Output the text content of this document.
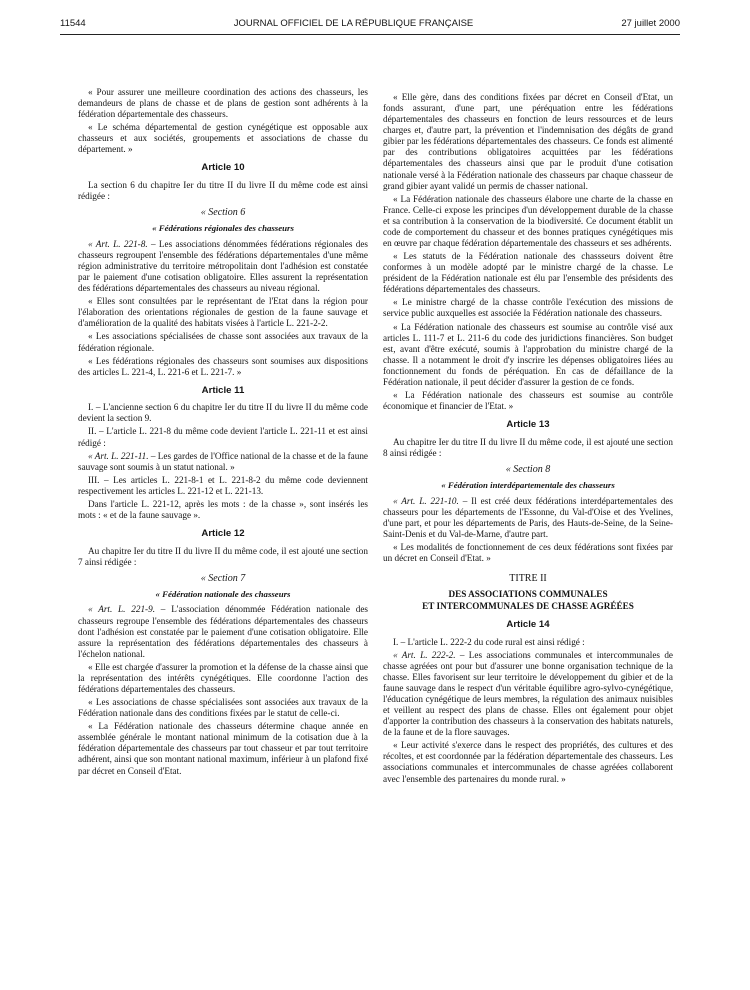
11544	JOURNAL OFFICIEL DE LA RÉPUBLIQUE FRANÇAISE	27 juillet 2000

« Pour assurer une meilleure coordination des actions des chasseurs, les demandeurs de plans de chasse et de plans de gestion sont adhérents à la fédération départementale des chasseurs.

« Le schéma départemental de gestion cynégétique est opposable aux chasseurs et aux sociétés, groupements et associations de chasse du département. »

Article 10

La section 6 du chapitre Ier du titre II du livre II du même code est ainsi rédigée :

« Section 6
« Fédérations régionales des chasseurs

« Art. L. 221-8. – Les associations dénommées fédérations régionales des chasseurs regroupent l'ensemble des fédérations départementales d'une même région administrative du territoire métropolitain dont l'adhésion est constatée par le paiement d'une cotisation obligatoire. Elles assurent la représentation des fédérations départementales des chasseurs au niveau régional.

« Elles sont consultées par le représentant de l'Etat dans la région pour l'élaboration des orientations régionales de gestion de la faune sauvage et d'amélioration de la qualité des habitats visées à l'article L. 221-2-2.

« Les associations spécialisées de chasse sont associées aux travaux de la fédération régionale.

« Les fédérations régionales des chasseurs sont soumises aux dispositions des articles L. 221-4, L. 221-6 et L. 221-7. »

Article 11

I. – L'ancienne section 6 du chapitre Ier du titre II du livre II du même code devient la section 9.

II. – L'article L. 221-8 du même code devient l'article L. 221-11 et est ainsi rédigé :

« Art. L. 221-11. – Les gardes de l'Office national de la chasse et de la faune sauvage sont soumis à un statut national. »

III. – Les articles L. 221-8-1 et L. 221-8-2 du même code deviennent respectivement les articles L. 221-12 et L. 221-13.

Dans l'article L. 221-12, après les mots : de la chasse », sont insérés les mots : « et de la faune sauvage ».

Article 12

Au chapitre Ier du titre II du livre II du même code, il est ajouté une section 7 ainsi rédigée :

« Section 7
« Fédération nationale des chasseurs

« Art. L. 221-9. – L'association dénommée Fédération nationale des chasseurs regroupe l'ensemble des fédérations départementales des chasseurs dont l'adhésion est constatée par le paiement d'une cotisation obligatoire. Elle assure la représentation des fédérations départementales des chasseurs à l'échelon national.

« Elle est chargée d'assurer la promotion et la défense de la chasse ainsi que la représentation des intérêts cynégétiques. Elle coordonne l'action des fédérations départementales des chasseurs.

« Les associations de chasse spécialisées sont associées aux travaux de la Fédération nationale dans des conditions fixées par le statut de celle-ci.

« La Fédération nationale des chasseurs détermine chaque année en assemblée générale le montant national minimum de la cotisation due à la fédération départementale des chasseurs par tout chasseur et par tout territoire adhérent, ainsi que son montant national maximum, inférieur à un plafond fixé par décret en Conseil d'Etat.

« Elle gère, dans des conditions fixées par décret en Conseil d'Etat, un fonds assurant, d'une part, une péréquation entre les fédérations départementales des chasseurs en fonction de leurs ressources et de leurs charges et, d'autre part, la prévention et l'indemnisation des dégâts de grand gibier par les fédérations départementales des chasseurs. Ce fonds est alimenté par des contributions obligatoires acquittées par les fédérations départementales des chasseurs ainsi que par le produit d'une cotisation nationale versé à la Fédération nationale des chasseurs par chaque chasseur de grand gibier ayant validé un permis de chasser national.

« La Fédération nationale des chasseurs élabore une charte de la chasse en France. Celle-ci expose les principes d'un développement durable de la chasse et sa contribution à la conservation de la biodiversité. Ce document établit un code de comportement du chasseur et des bonnes pratiques cynégétiques mis en œuvre par chaque fédération départementale des chasseurs et ses adhérents.

« Les statuts de la Fédération nationale des chassseurs doivent être conformes à un modèle adopté par le ministre chargé de la chasse. Le président de la Fédération nationale est élu par l'ensemble des présidents des fédérations départementales des chasseurs.

« Le ministre chargé de la chasse contrôle l'exécution des missions de service public auxquelles est associée la Fédération nationale des chasseurs.

« La Fédération nationale des chasseurs est soumise au contrôle visé aux articles L. 111-7 et L. 211-6 du code des juridictions financières. Son budget est, avant d'être exécuté, soumis à l'approbation du ministre chargé de la chasse. Il a notamment le droit d'y inscrire les dépenses obligatoires liées au fonctionnement du fonds de péréquation. En cas de défaillance de la Fédération nationale, il peut décider d'assurer la gestion de ce fonds.

« La Fédération nationale des chasseurs est soumise au contrôle économique et financier de l'Etat. »

Article 13

Au chapitre Ier du titre II du livre II du même code, il est ajouté une section 8 ainsi rédigée :

« Section 8
« Fédération interdépartementale des chasseurs

« Art. L. 221-10. – Il est créé deux fédérations interdépartementales des chasseurs pour les départements de l'Essonne, du Val-d'Oise et des Yvelines, d'une part, et pour les départements de Paris, des Hauts-de-Seine, de la Seine-Saint-Denis et du Val-de-Marne, d'autre part.

« Les modalités de fonctionnement de ces deux fédérations sont fixées par un décret en Conseil d'Etat. »

TITRE II
DES ASSOCIATIONS COMMUNALES
ET INTERCOMMUNALES DE CHASSE AGRÉÉES
Article 14

I. – L'article L. 222-2 du code rural est ainsi rédigé :

« Art. L. 222-2. – Les associations communales et intercommunales de chasse agréées ont pour but d'assurer une bonne organisation technique de la chasse. Elles favorisent sur leur territoire le développement du gibier et de la faune sauvage dans le respect d'un véritable équilibre agro-sylvo-cynégétique, l'éducation cynégétique de leurs membres, la régulation des animaux nuisibles et veillent au respect des plans de chasse. Elles ont également pour objet d'apporter la contribution des chasseurs à la conservation des habitats naturels, de la faune et de la flore sauvages.

« Leur activité s'exerce dans le respect des propriétés, des cultures et des récoltes, et est coordonnée par la fédération départementale des chasseurs. Les associations communales et intercommunales de chasse agréées collaborent avec l'ensemble des partenaires du monde rural. »
